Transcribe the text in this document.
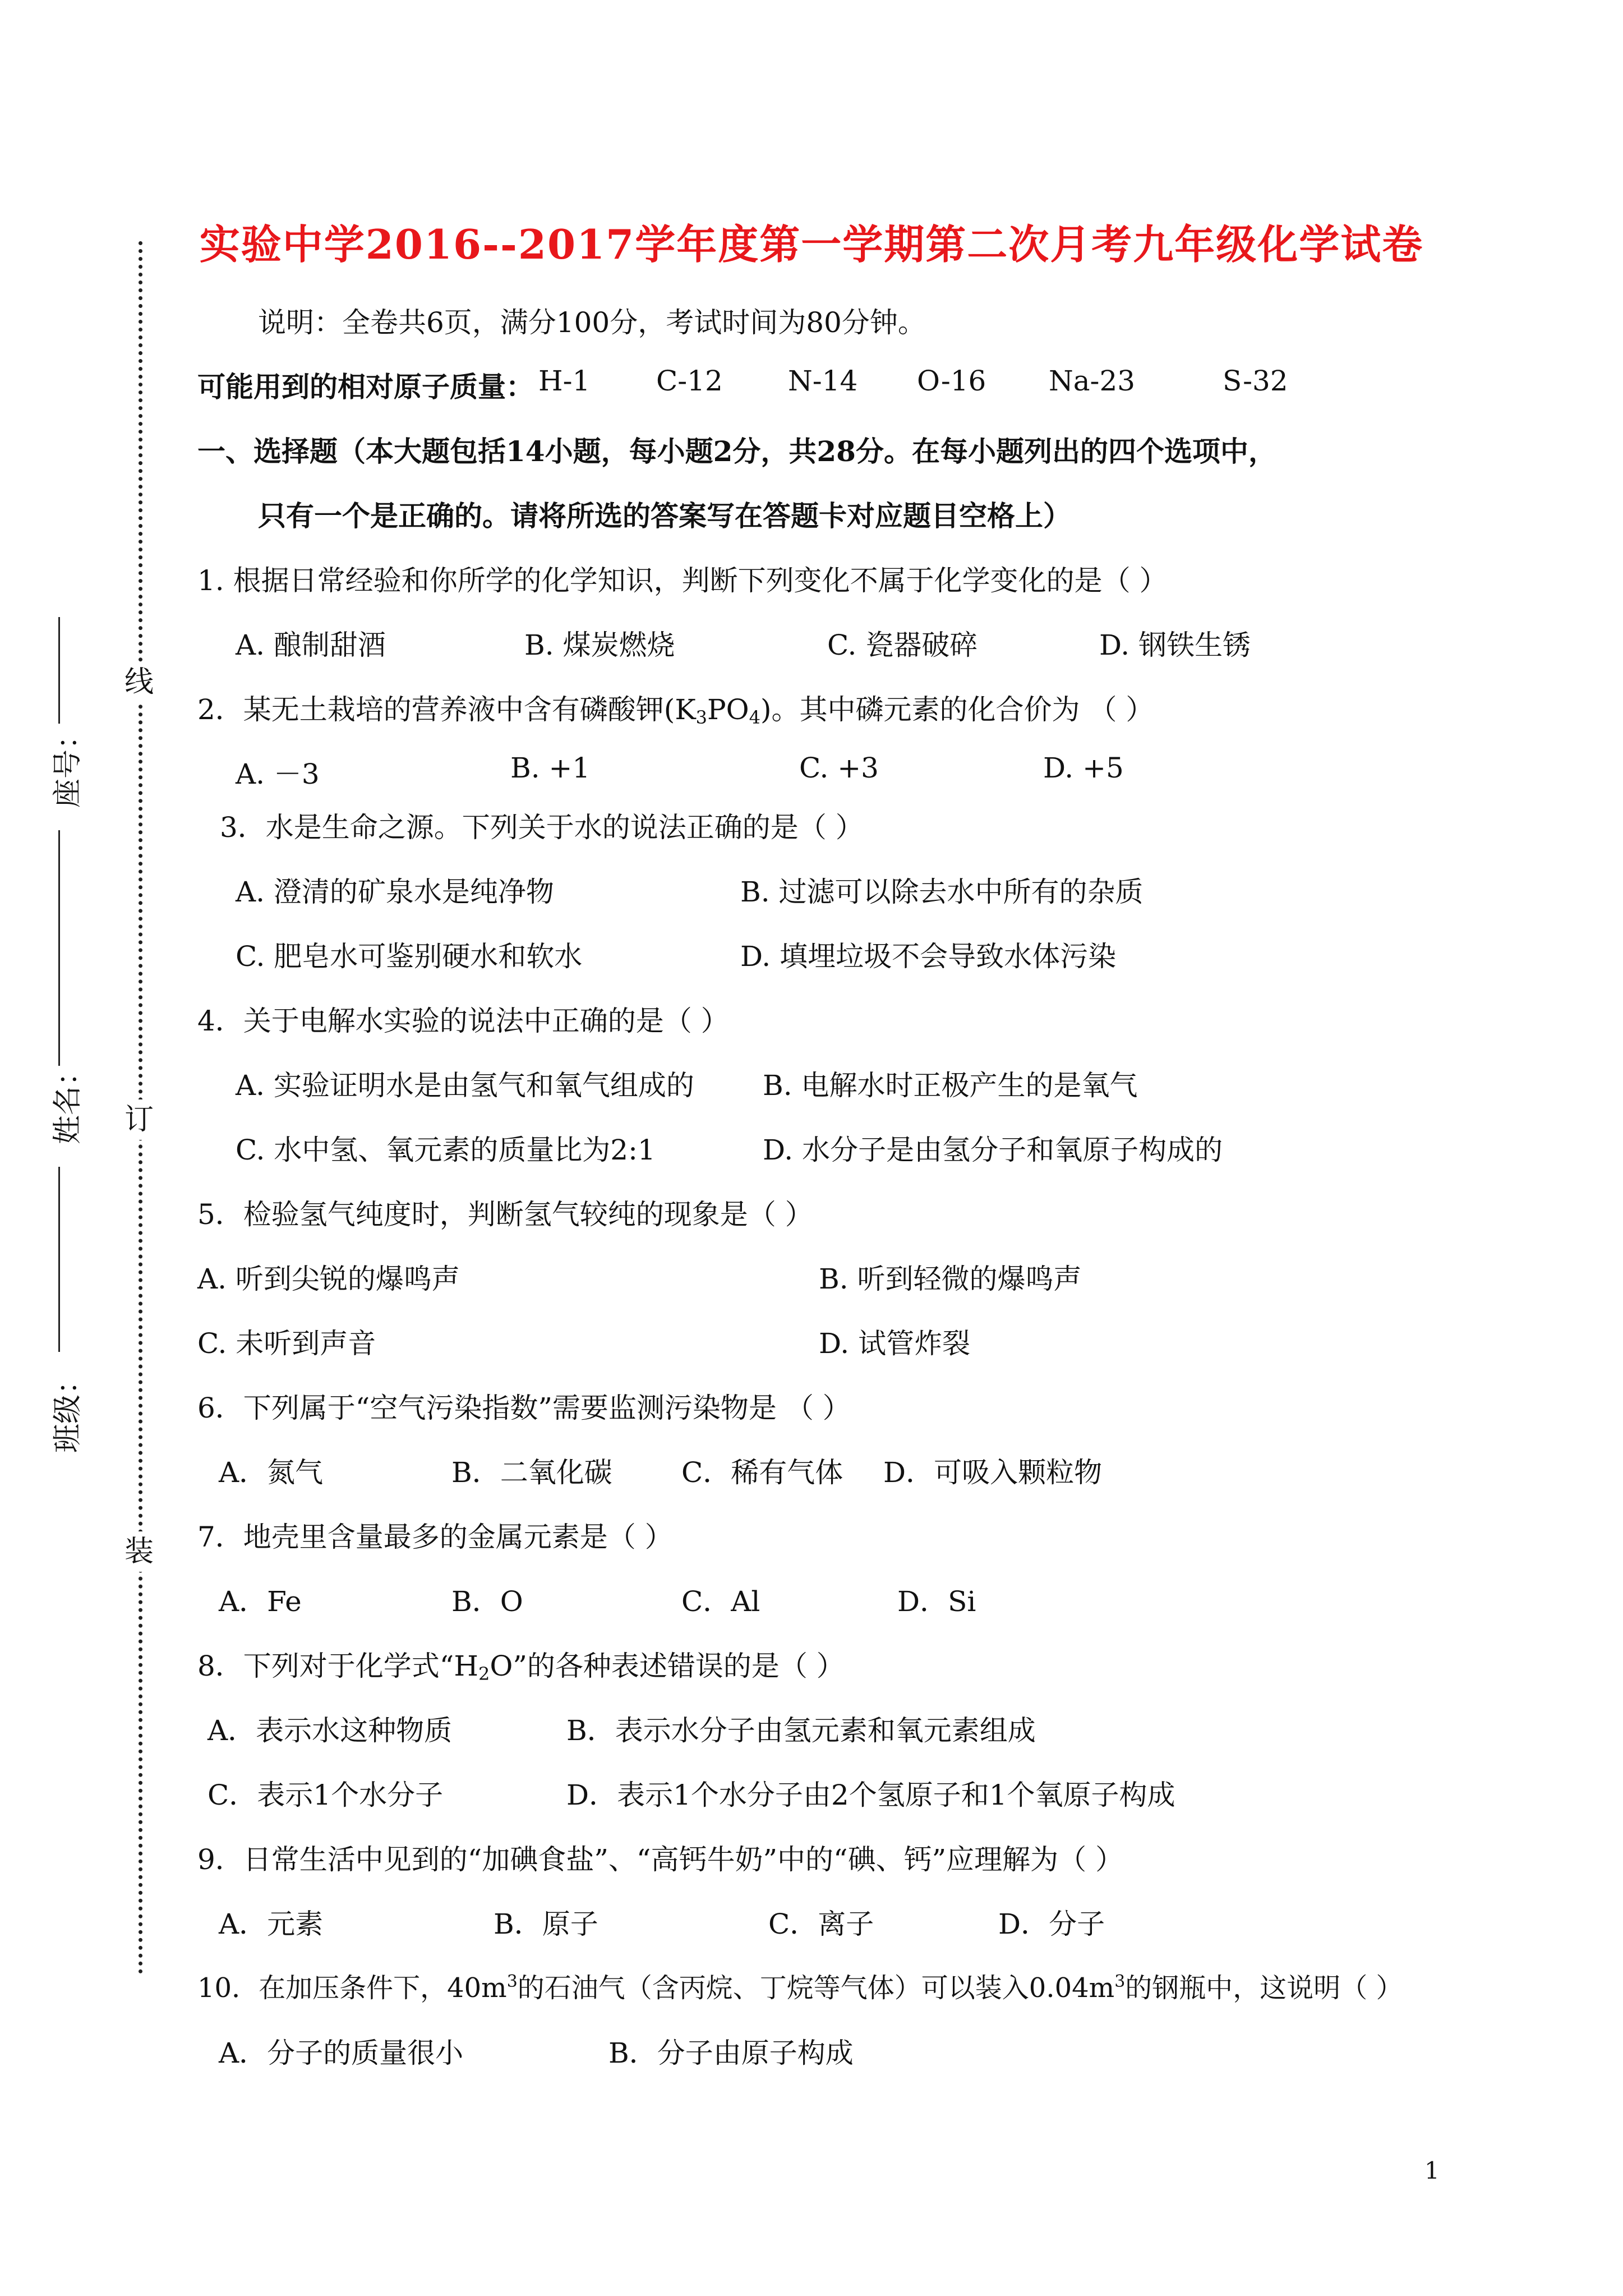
线
订
装
座号：
姓名：
班级：
实验中学2016--2017学年度第一学期第二次月考九年级化学试卷
说明：全卷共6页，满分100分，考试时间为80分钟。
可能用到的相对原子质量： H-1 C-12 N-14 O-16 Na-23	S-32
一、选择题（本大题包括14小题，每小题2分，共28分。在每小题列出的四个选项中，
只有一个是正确的。请将所选的答案写在答题卡对应题目空格上）
1. 根据日常经验和你所学的化学知识，判断下列变化不属于化学变化的是（ ）
A. 酿制甜酒	B. 煤炭燃烧	C. 瓷器破碎	D. 钢铁生锈
2．某无土栽培的营养液中含有磷酸钾$(K_3PO_4)$。其中磷元素的化合价为 （ ）
A. －3	B. +1	C. +3	D. +5
3．水是生命之源。下列关于水的说法正确的是（ ）
A. 澄清的矿泉水是纯净物	B. 过滤可以除去水中所有的杂质
C. 肥皂水可鉴别硬水和软水	D. 填埋垃圾不会导致水体污染
4．关于电解水实验的说法中正确的是（ ）
A. 实验证明水是由氢气和氧气组成的 B. 电解水时正极产生的是氧气
C. 水中氢、氧元素的质量比为2:1	D. 水分子是由氢分子和氧原子构成的
5．检验氢气纯度时，判断氢气较纯的现象是（ ）
A. 听到尖锐的爆鸣声	B. 听到轻微的爆鸣声
C. 未听到声音	D. 试管炸裂
6．下列属于“空气污染指数”需要监测污染物是 （ ）
A．氮气	B．二氧化碳 C．稀有气体 D．可吸入颗粒物
7．地壳里含量最多的金属元素是（ ）
A．Fe	B．O	C．Al	D．Si
8．下列对于化学式“$H_2O$”的各种表述错误的是（ ）
A．表示水这种物质	B．表示水分子由氢元素和氧元素组成
C．表示1个水分子	D．表示1个水分子由2个氢原子和1个氧原子构成
9．日常生活中见到的“加碘食盐”、“高钙牛奶”中的“碘、钙”应理解为（ ）
A．元素	B．原子	C．离子	D．分子
10．在加压条件下，$40m^3$的石油气（含丙烷、丁烷等气体）可以装入$0.04m^3$的钢瓶中，这说明（ ）
A．分子的质量很小	B．分子由原子构成
1
